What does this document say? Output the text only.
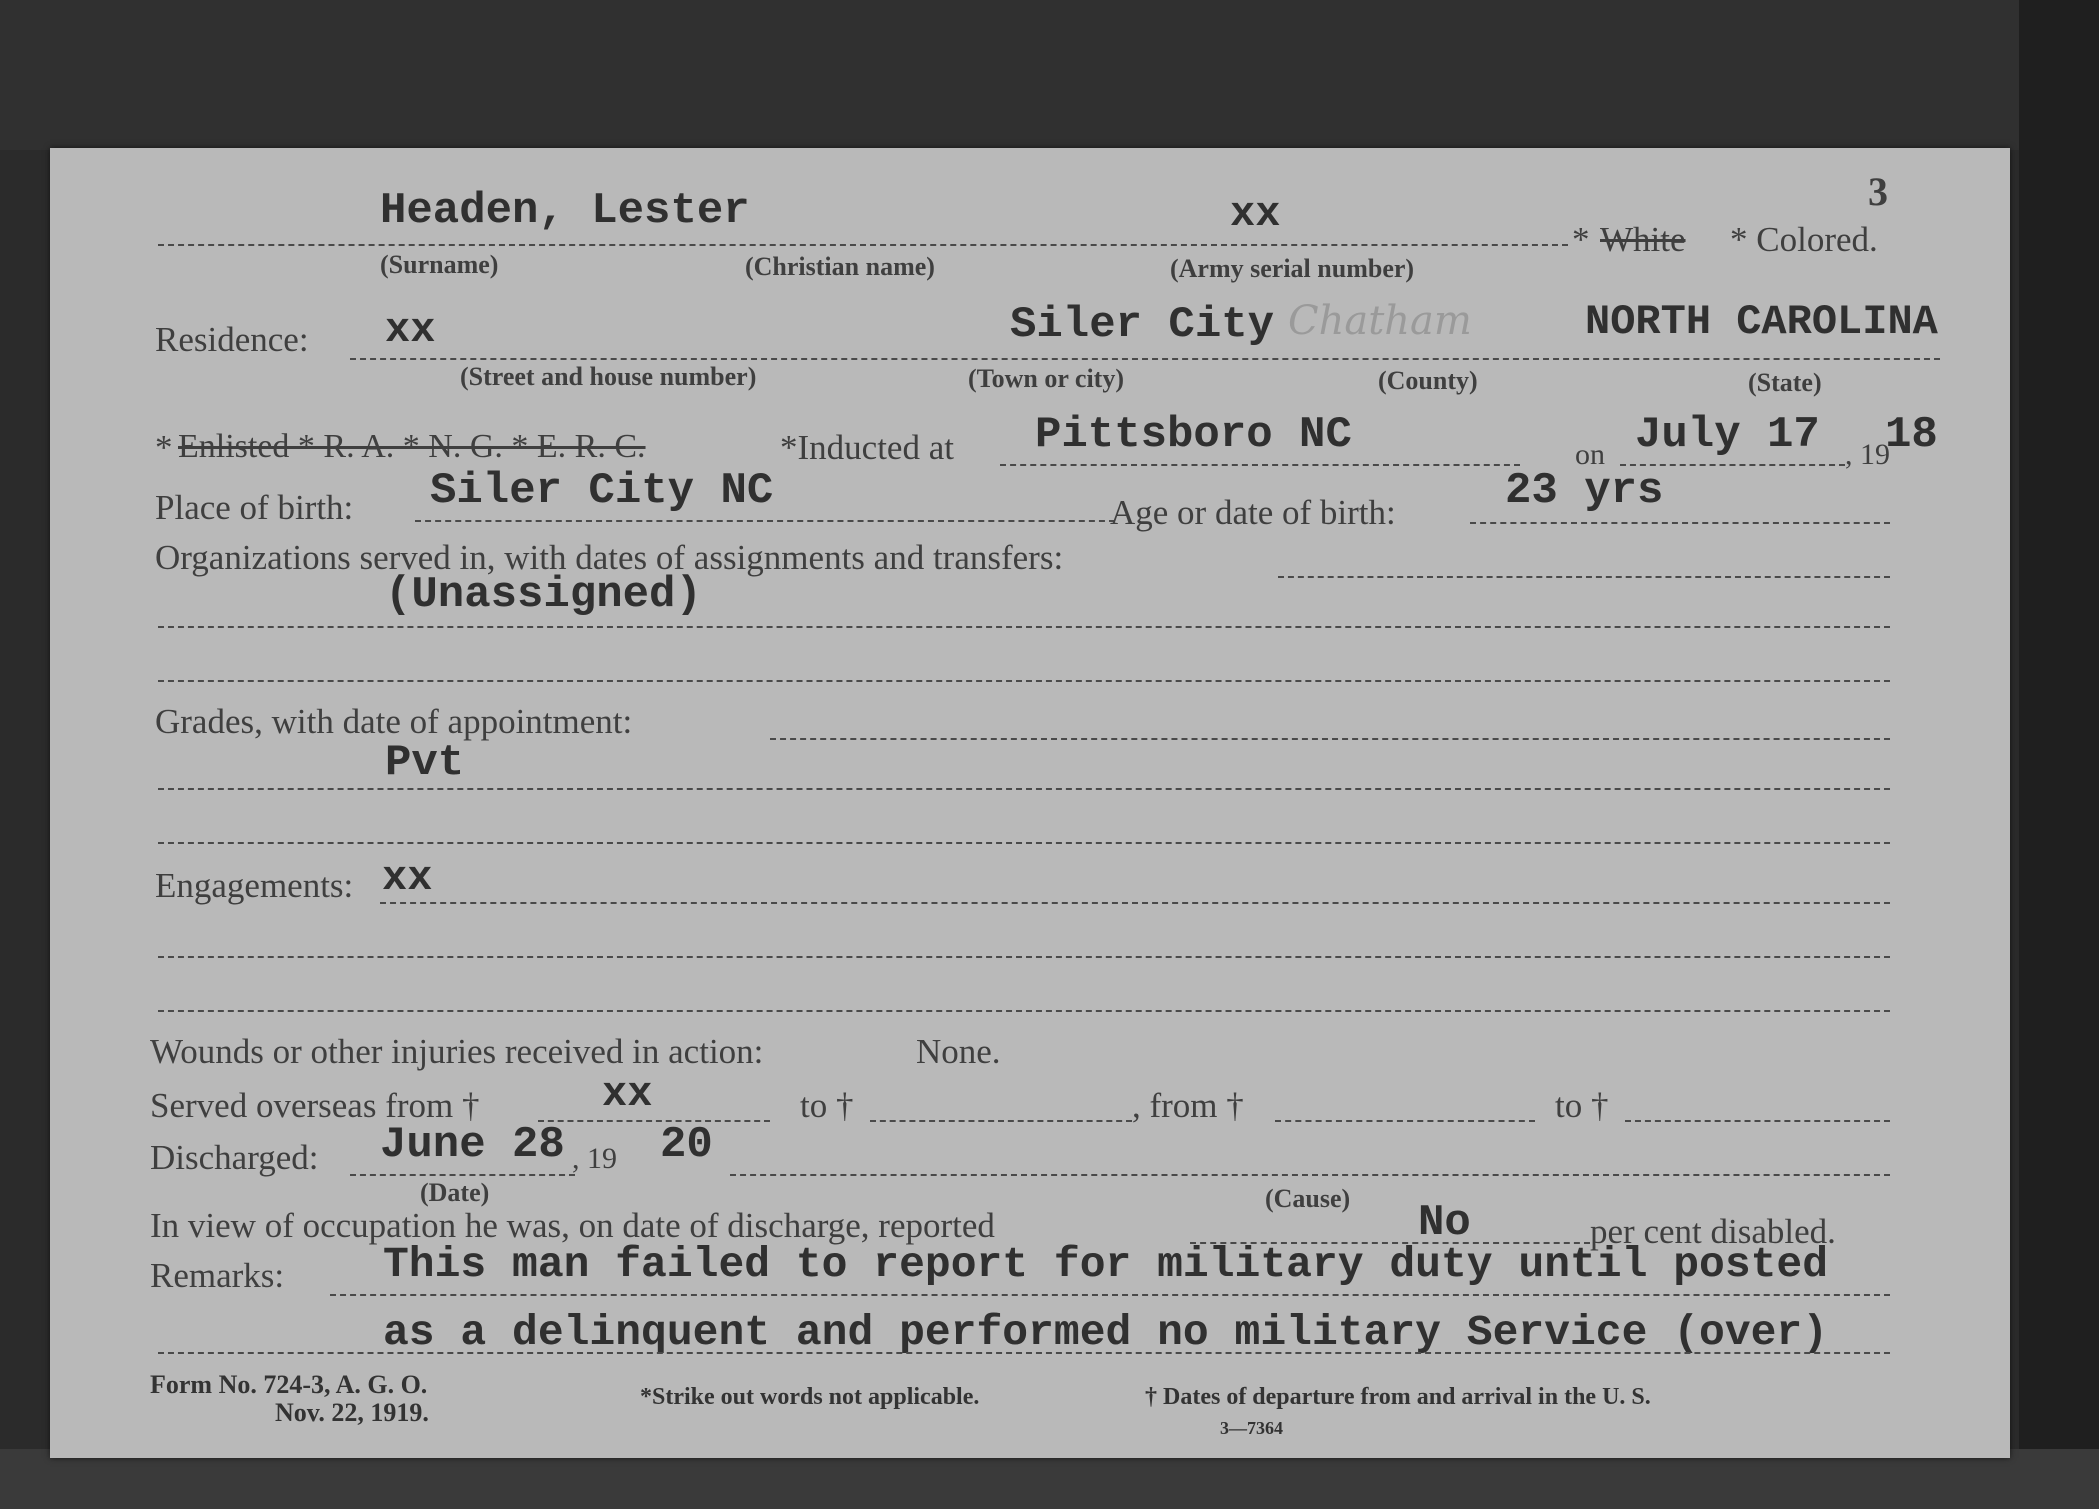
3
Headen, Lester	xx
* White * Colored.
(Surname)	(Christian name)	(Army serial number)
Residence: xx	Siler City Chatham	NORTH CAROLINA
(Street and house number)	(Town or city)	(County)	(State)
* Enlisted * R. A. * N. G. * E. R. C.	*Inducted at Pittsboro NC	on July 17 , 19
18
Place of birth: Siler City NC	Age or date of birth: 23 yrs
Organizations served in, with dates of assignments and transfers:
(Unassigned)
Grades, with date of appointment:
Pvt
Engagements: xx
Wounds or other injuries received in action:	None.
Served overseas from †	xx	to †	, from †	to †
Discharged: June 28 , 19 20
(Date)	(Cause)
In view of occupation he was, on date of discharge, reported	No	per cent disabled.
Remarks: This man failed to report for military duty until posted
as a delinquent and performed no military Service (over)
Form No. 724-3, A. G. O.
Nov. 22, 1919.
*Strike out words not applicable.	† Dates of departure from and arrival in the U. S.
3—7364
